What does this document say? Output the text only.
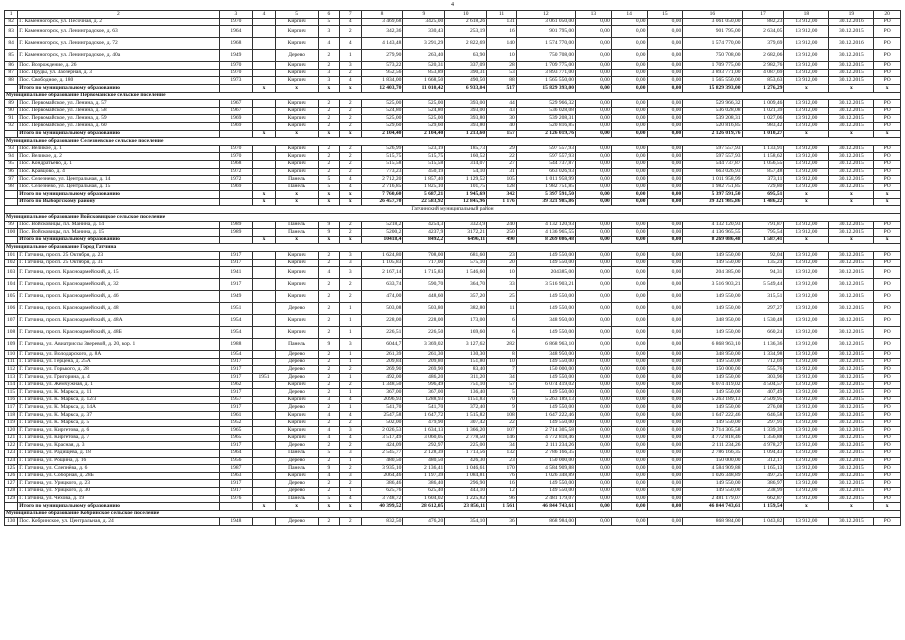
4
1	2	3	4	5	6	7	8	9	10	11	12	13	14	15	16	17	18	19	20
82	Г. Каменногорск, ул. Песочная, д. 2	1970		Кирпич	5	4	3 469,68	3425,00	2 618,26	131	3 061 050,00	0,00	0,00	0,00	3 061 050,00	882,23	13 912,00	30.12.2016	РО
83	Г. Каменногорск, ул. Ленинградское, д. 63	1964		Кирпич	3	2	342,36	330,43	253,19	16	901 795,00	0,00	0,00	0,00	901 795,00	2 634,05	13 912,00	30.12.2015	РО
84	Г. Каменногорск, ул. Ленинградское, д. 72	1968		Кирпич	4	4	4 143,48	3 291,29	2 822,69	140	1 574 770,00	0,00	0,00	0,00	1 574 770,00	379,69	13 912,00	30.12.2016	РО
85	Г. Каменногорск, ул. Ленинградское, д. 40а	1949		Дерево	2	1	279,90	263,40	63,90	10	750 708,00	0,00	0,00	0,00	750 708,00	2 682,06	13 912,00	30.12.2015	РО
86	Пос. Возрождение, д. 26	1970		Кирпич	2	3	573,22	520,31	337,09	28	1 709 775,00	0,00	0,00	0,00	1 709 775,00	2 982,76	13 912,00	30.12.2015	РО
87	Пос. Пруды, ул. Заозерная, д. 3	1970		Кирпич	3	2	952,56	853,89	390,31	53	3 893 771,00	0,00	0,00	0,00	3 893 771,00	4 087,69	13 912,00	30.12.2015	РО
88	Пос. Свободное, д. 180	1973		Кирпич	3	4	1 834,00	1 668,50	490,50	88	1 565 550,00	0,00	0,00	0,00	1 565 550,00	853,63	13 912,00	30.12.2015	РО
	Итого по муниципальному образованию		х	х	х	х	12 403,70	11 010,42	6 933,04	517	15 829 393,00	0,00	0,00	0,00	15 829 393,00	1 276,29	х	х	х
Муниципальное образование Первомайское сельское поселение																			
89	Пос. Первомайское, ул. Ленина, д. 57	1967		Кирпич	2	2	525,00	525,00	393,00	44	529 966,32	0,00	0,00	0,00	529 966,32	1 009,46	13 912,00	30.12.2015	РО
90	Пос. Первомайское, ул. Ленина, д. 58	1967		Кирпич	2	2	524,80	524,80	393,00	43	536 028,08	0,00	0,00	0,00	536 028,08	1 021,39	13 912,00	30.12.2015	РО
91	Пос. Первомайское, ул. Ленина, д. 59	1969		Кирпич	2	2	525,00	525,00	393,80	30	539 208,31	0,00	0,00	0,00	539 208,31	1 027,06	13 912,00	30.12.2015	РО
92	Пос. Первомайское, ул. Ленина, д. 60	1969		Кирпич	2	2	529,60	529,60	393,80	40	520 816,85	0,00	0,00	0,00	520 816,85	983,42	13 912,00	30.12.2015	РО
	Итого по муниципальному образованию		х	х	х	х	2 104,40	2 104,40	1 213,60	157	2 126 019,76	0,00	0,00	0,00	2 126 019,76	1 010,27	х	х	х
Муниципальное образование Селезневское сельское поселение																			
93	Пос. Великое, д. 1	1970		Кирпич	2	2	526,99	523,19	185,73	29	597 557,93	0,00	0,00	0,00	597 557,93	1 133,91	13 912,00	30.12.2015	РО
94	Пос. Великое, д. 2	1970		Кирпич	2	2	515,75	515,75	160,52	22	597 557,93	0,00	0,00	0,00	597 557,93	1 158,62	13 912,00	30.12.2015	РО
95	Пос. Кондратьево, д. 1	1968		Кирпич	2	2	515,58	515,58	314,07	27	544 737,87	0,00	0,00	0,00	544 737,87	1 056,55	13 912,00	30.12.2015	РО
96	Пос. Кравцово, д. 4	1972		Кирпич	2	2	773,23	450,19	54,10	31	663 026,93	0,00	0,00	0,00	663 026,93	857,48	13 912,00	30.12.2015	РО
97	Пос. Селезнево, ул. Центральная, д. 14	1972		Панель	5	4	2 712,20	1 857,40	1 129,52	105	1 011 958,99	0,00	0,00	0,00	1 011 958,99	373,11	13 912,00	30.12.2015	РО
98	Пос. Селезнево, ул. Центральная, д. 15	1969		Панель	5	4	2 716,85	1 825,10	101,75	128	1 982 751,85	0,00	0,00	0,00	1 982 751,85	729,80	13 912,00	30.12.2015	РО
	Итого по муниципальному образованию		х	х	х	х	7 760,60	5 687,21	1 945,69	342	5 397 591,50	0,00	0,00	0,00	5 397 591,50	695,51	х	х	х
	Итого по Выборгскому району		х	х	х	х	26 457,70	22 583,92	12 845,96	1 176	39 321 985,86	0,00	0,00	0,00	39 321 985,86	1 486,22	х	х	х
Гатчинский муниципальный район																			
Муниципальное образование Войсковицкое сельское поселение																			
99	Пос. Войсковицы, пл. Манина, д. 14	1989		Панель	9	2	5218,2	4254,3	3323,9	240	4 132 120,93	0,00	0,00	0,00	4 132 120,93	791,87	13 912,00	30.12.2015	РО
100	Пос. Войсковицы, пл. Манина, д. 15	1989		Панель	9	2	5200,2	4237,9	3172,21	250	4 136 965,55	0,00	0,00	0,00	4 136 965,55	795,54	13 912,00	30.12.2015	РО
	Итого по муниципальному образованию		х	х	х	х	10418,4	8492,2	6496,11	490	8 269 086,48	0,00	0,00	0,00	8 269 086,48	1 587,41	х	х	х
Муниципальное образование Город Гатчина																			
101	Г. Гатчина, просп. 25 Октября, д. 23	1917		Кирпич	2	3	1 624,80	708,00	681,60	23	149 550,00	0,00	0,00	0,00	149 550,00	92,04	13 912,00	30.12.2015	РО
102	Г. Гатчина, просп. 25 Октября, д. 31	1917		Кирпич	2	3	1 105,83	717,00	575,10	20	149 550,00	0,00	0,00	0,00	149 550,00	135,24	13 912,00	30.12.2015	РО
103	Г. Гатчина, просп. Красноармейский, д. 15	1941		Кирпич	4	3	2 167,14	1 715,83	1 546,60	10	204385,00	0,00	0,00	0,00	204 385,00	94,31	13 912,00	30.12.2015	РО
104	Г. Гатчина, просп. Красноармейский, д. 32	1917		Кирпич	2	2	633,74	590,70	364,70	33	3 516 903,21	0,00	0,00	0,00	3 516 903,21	5 549,44	13 912,00	30.12.2015	РО
105	Г. Гатчина, просп. Красноармейский, д. 46	1949		Кирпич	2	2	474,00	448,60	357,20	25	149 550,00	0,00	0,00	0,00	149 550,00	315,51	13 912,00	30.12.2015	РО
106	Г. Гатчина, просп. Красноармейский, д. 48	1951		Дерево	2	1	503,08	503,80	382,80	11	149 550,00	0,00	0,00	0,00	149 550,00	297,27	13 912,00	30.12.2015	РО
107	Г. Гатчина, просп. Красноармейский, д. 48А	1954		Кирпич	2	1	228,00	228,00	173,00	6	348 950,00	0,00	0,00	0,00	348 950,00	1 530,48	13 912,00	30.12.2015	РО
108	Г. Гатчина, просп. Красноармейский, д. 48Б	1954		Кирпич	2	1	226,51	226,50	169,60	6	149 550,00	0,00	0,00	0,00	149 550,00	660,24	13 912,00	30.12.2015	РО
109	Г. Гатчина, ул. Авиатриссы Зверевой, д. 20, кор. 1	1988		Панель	9	3	6044,7	3 369,02	3 127,62	282	6 868 963,10	0,00	0,00	0,00	6 868 963,10	1 136,36	13 912,00	30.12.2015	РО
110	Г. Гатчина, ул. Володарского, д. 8А	1954		Дерево	2	1	261,39	261,30	130,30	8	348 950,00	0,00	0,00	0,00	348 950,00	1 334,98	13 912,00	30.12.2015	РО
111	Г. Гатчина, ул. Герцена, д. 25А	1917		Дерево	2	1	209,84	209,80	151,80	10	149 550,00	0,00	0,00	0,00	149 550,00	712,69	13 912,00	30.12.2015	РО
112	Г. Гатчина, ул. Горького, д. 28	1917		Дерево	2	2	269,90	269,90	83,40	7	150 000,00	0,00	0,00	0,00	150 000,00	555,76	13 912,00	30.12.2015	РО
113	Г. Гатчина, ул. Григорина, д. 4	1917	1951	Дерево	2	1	492,00	486,20	311,20	34	149 550,00	0,00	0,00	0,00	149 550,00	303,96	13 912,00	30.12.2015	РО
114	Г. Гатчина, ул. Жемчужная, д. 1	1962		Кирпич	2	2	1 348,50	996,49	751,10	57	6 074 419,02	0,00	0,00	0,00	6 074 419,02	4 504,57	13 912,00	30.12.2015	РО
115	Г. Гатчина, ул. К. Маркса, д. 11	1917		Дерево	2	1	367,00	367,00	136,40	5	149 550,00	0,00	0,00	0,00	149 550,00	407,49	13 912,00	30.12.2015	РО
116	Г. Гатчина, ул. К. Маркса, д. 12/3	1957		Кирпич	3	4	2096,93	1288,93	1151,83	70	5 263 189,13	0,00	0,00	0,00	5 263 189,13	2 509,95	13 912,00	30.12.2015	РО
117	Г. Гатчина, ул. К. Маркса, д. 14А	1917		Дерево	2	1	541,70	541,70	372,40	9	149 550,00	0,00	0,00	0,00	149 550,00	276,08	13 912,00	30.12.2015	РО
118	Г. Гатчина, ул. К. Маркса, д. 37	1961		Кирпич	4	4	2547,58	1 647,72	1 515,82	108	1 647 222,46	0,00	0,00	0,00	1 647 222,46	646,58	13 912,00	30.12.2015	РО
119	Г. Гатчина, ул. К. Маркса, д. 5	1952		Кирпич	2	2	502,00	479,90	307,42	22	149 550,00	0,00	0,00	0,00	149 550,00	297,91	13 912,00	30.12.2015	РО
120	Г. Гатчина, ул. Киргетова, д. 6	1965		Кирпич	4	3	2 026,53	1 634,13	1 366,20	107	2 714 305,58	0,00	0,00	0,00	2 714 305,58	1 339,39	13 912,00	30.12.2015	РО
121	Г. Гатчина, ул. Киргетова, д. 7	1965		Кирпич	4	4	3 517,49	3 060,05	2 778,50	146	4 772 818,46	0,00	0,00	0,00	4 772 818,46	1 356,88	13 912,00	30.12.2015	РО
122	Г. Гатчина, ул. Красная, д. 3	1917		Дерево	2	2	424,09	292,97	225,00	34	2 111 234,26	0,00	0,00	0,00	2 111 234,26	4 978,27	13 912,00	30.12.2015	РО
123	Г. Гатчина, ул. Радищева, д. 18	1964		Панель	5	3	2 545,77	2 128,39	1 713,56	132	2 786 166,35	0,00	0,00	0,00	2 786 166,35	1 094,43	13 912,00	30.12.2015	РО
124	Г. Гатчина, ул. Рощина, д. 16	1956		Дерево	2	1	480,50	480,50	426,30	23	150 000,00	0,00	0,00	0,00	150 000,00	312,17	13 912,00	30.12.2015	РО
125	Г. Гатчина, ул. Слепнёва, д. 6	1987		Панель	9	2	3 935,10	2 136,41	1 046,61	170	4 584 909,88	0,00	0,00	0,00	4 584 909,88	1 165,13	13 912,00	30.12.2015	РО
126	Г. Гатчина, ул. Соборная, д. 28Б	1963		Кирпич	4	3	2064,46	1 197,39	1 084,81	76	1 026 348,89	0,00	0,00	0,00	1 026 348,89	497,25	13 912,00	30.12.2015	РО
127	Г. Гатчина, ул. Урицкого, д. 23	1917		Дерево	2	2	386,46	386,40	296,90	16	149 550,00	0,00	0,00	0,00	149 550,00	386,97	13 912,00	30.12.2015	РО
128	Г. Гатчина, ул. Урицкого, д. 30	1917		Дерево	2	1	625,76	625,40	443,10	12	149 550,00	0,00	0,00	0,00	149 550,00	238,99	13 912,00	30.12.2015	РО
129	Г. Гатчина, ул. Чехова, д. 19	1976		Панель	5	4	3 748,72	1 604,02	1 225,82	96	2 481 179,07	0,00	0,00	0,00	2 481 179,07	662,87	13 912,00	30.12.2015	РО
	Итого по муниципальному образованию		х	х	х	х	40 399,52	28 612,05	23 856,11	1 561	46 844 743,61	0,00	0,00	0,00	46 844 743,61	1 159,54	х	х	х
Муниципальное образование Кобринское сельское поселение																			
130	Пос. Кобринское, ул. Центральная, д. 24	1948		Дерево	2	2	832,50	476,20	354,10	36	868 984,00	0,00	0,00	0,00	868 984,00	1 043,82	13 912,00	30.12.2015	РО
